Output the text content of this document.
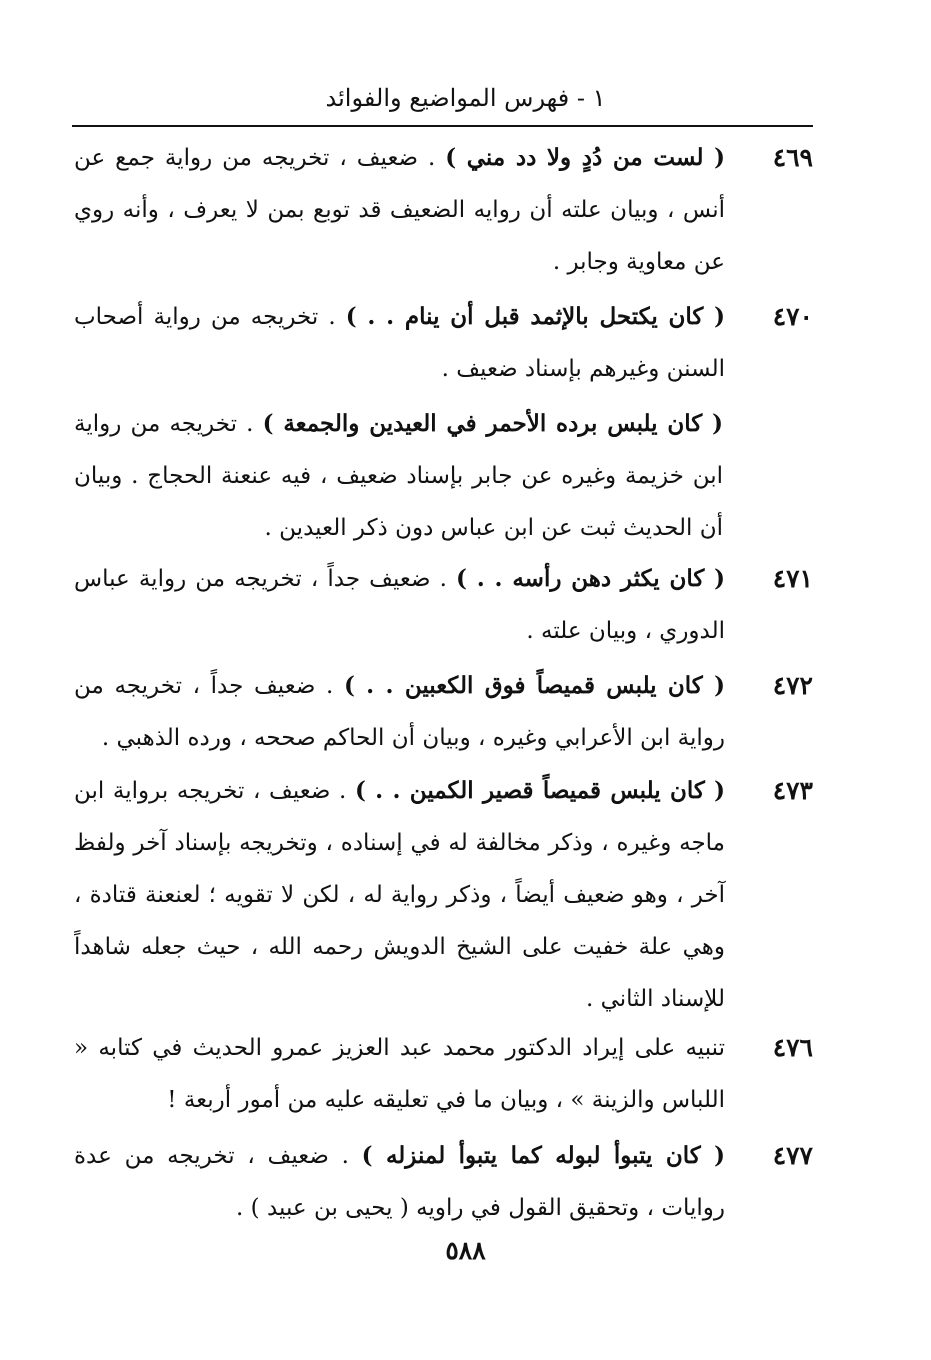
١ - فهرس المواضيع والفوائد
٤٦٩
( لست من دُدٍ ولا دد مني ) . ضعيف ، تخريجه من رواية جمع عن أنس ، وبيان علته أن روايه الضعيف قد توبع بمن لا يعرف ، وأنه روي عن معاوية وجابر .
٤٧٠
( كان يكتحل بالإثمد قبل أن ينام . . ) . تخريجه من رواية أصحاب السنن وغيرهم بإسناد ضعيف .
( كان يلبس برده الأحمر في العيدين والجمعة ) . تخريجه من رواية ابن خزيمة وغيره عن جابر بإسناد ضعيف ، فيه عنعنة الحجاج . وبيان أن الحديث ثبت عن ابن عباس دون ذكر العيدين .
٤٧١
( كان يكثر دهن رأسه . . ) . ضعيف جداً ، تخريجه من رواية عباس الدوري ، وبيان علته .
٤٧٢
( كان يلبس قميصاً فوق الكعبين . . ) . ضعيف جداً ، تخريجه من رواية ابن الأعرابي وغيره ، وبيان أن الحاكم صححه ، ورده الذهبي .
٤٧٣
( كان يلبس قميصاً قصير الكمين . . ) . ضعيف ، تخريجه برواية ابن ماجه وغيره ، وذكر مخالفة له في إسناده ، وتخريجه بإسناد آخر ولفظ آخر ، وهو ضعيف أيضاً ، وذكر رواية له ، لكن لا تقويه ؛ لعنعنة قتادة ، وهي علة خفيت على الشيخ الدويش رحمه الله ، حيث جعله شاهداً للإسناد الثاني .
٤٧٦
تنبيه على إيراد الدكتور محمد عبد العزيز عمرو الحديث في كتابه « اللباس والزينة » ، وبيان ما في تعليقه عليه من أمور أربعة !
٤٧٧
( كان يتبوأ لبوله كما يتبوأ لمنزله ) . ضعيف ، تخريجه من عدة روايات ، وتحقيق القول في راويه ( يحيى بن عبيد ) .
٥٨٨
